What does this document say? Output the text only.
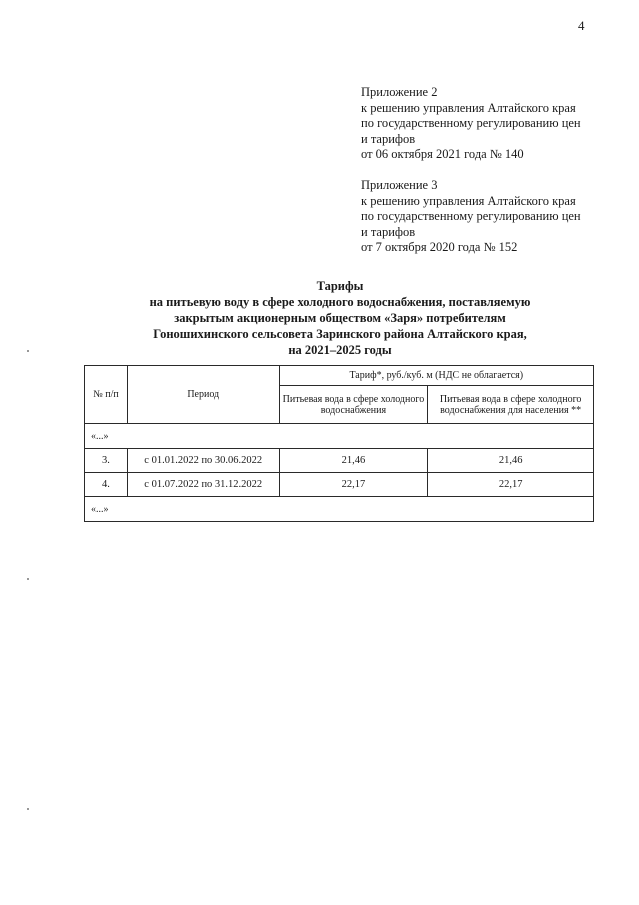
4
Приложение 2
к решению управления Алтайского края
по государственному регулированию цен
и тарифов
от 06 октября 2021 года № 140
Приложение 3
к решению управления Алтайского края
по государственному регулированию цен
и тарифов
от 7 октября 2020 года № 152
Тарифы
на питьевую воду в сфере холодного водоснабжения, поставляемую
закрытым акционерным обществом «Заря» потребителям
Гоношихинского сельсовета Заринского района Алтайского края,
на 2021–2025 годы
№ п/п	Период	Тариф*, руб./куб. м (НДС не облагается)	
		Питьевая вода в сфере холодного водоснабжения	Питьевая вода в сфере холодного водоснабжения для населения **
«...»			
3.	с 01.01.2022 по 30.06.2022	21,46	21,46
4.	с 01.07.2022 по 31.12.2022	22,17	22,17
«...»			
